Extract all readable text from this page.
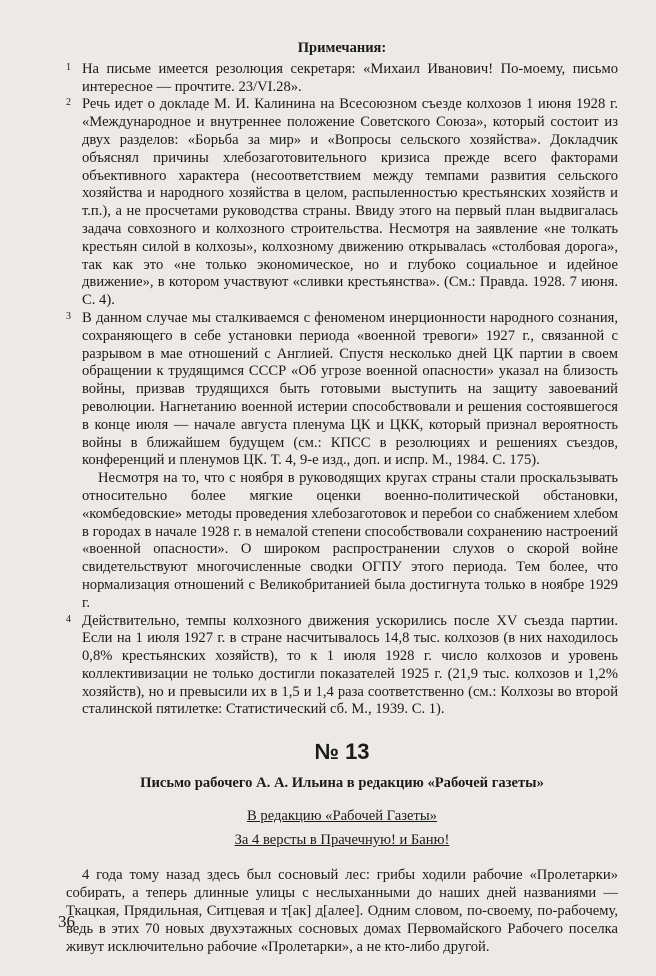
Примечания:

1 На письме имеется резолюция секретаря: «Михаил Иванович! По-моему, письмо интересное — прочтите. 23/VI.28».

2 Речь идет о докладе М. И. Калинина на Всесоюзном съезде колхозов 1 июня 1928 г. «Международное и внутреннее положение Советского Союза», который состоит из двух разделов: «Борьба за мир» и «Вопросы сельского хозяйства». Докладчик объяснял причины хлебозаготовительного кризиса прежде всего факторами объективного характера (несоответствием между темпами развития сельского хозяйства и народного хозяйства в целом, распыленностью крестьянских хозяйств и т.п.), а не просчетами руководства страны. Ввиду этого на первый план выдвигалась задача совхозного и колхозного строительства. Несмотря на заявление «не толкать крестьян силой в колхозы», колхозному движению открывалась «столбовая дорога», так как это «не только экономическое, но и глубоко социальное и идейное движение», в котором участвуют «сливки крестьянства». (См.: Правда. 1928. 7 июня. С. 4).

3 В данном случае мы сталкиваемся с феноменом инерционности народного сознания, сохраняющего в себе установки периода «военной тревоги» 1927 г., связанной с разрывом в мае отношений с Англией. Спустя несколько дней ЦК партии в своем обращении к трудящимся СССР «Об угрозе военной опасности» указал на близость войны, призвав трудящихся быть готовыми выступить на защиту завоеваний революции. Нагнетанию военной истерии способствовали и решения состоявшегося в конце июля — начале августа пленума ЦК и ЦКК, который признал вероятность войны в ближайшем будущем (см.: КПСС в резолюциях и решениях съездов, конференций и пленумов ЦК. Т. 4, 9-е изд., доп. и испр. М., 1984. С. 175).

Несмотря на то, что с ноября в руководящих кругах страны стали проскальзывать относительно более мягкие оценки военно-политической обстановки, «комбедовские» методы проведения хлебозаготовок и перебои со снабжением хлебом в городах в начале 1928 г. в немалой степени способствовали сохранению настроений «военной опасности». О широком распространении слухов о скорой войне свидетельствуют многочисленные сводки ОГПУ этого периода. Тем более, что нормализация отношений с Великобританией была достигнута только в ноябре 1929 г.

4 Действительно, темпы колхозного движения ускорились после XV съезда партии. Если на 1 июля 1927 г. в стране насчитывалось 14,8 тыс. колхозов (в них находилось 0,8% крестьянских хозяйств), то к 1 июля 1928 г. число колхозов и уровень коллективизации не только достигли показателей 1925 г. (21,9 тыс. колхозов и 1,2% хозяйств), но и превысили их в 1,5 и 1,4 раза соответственно (см.: Колхозы во второй сталинской пятилетке: Статистический сб. М., 1939. С. 1).

№ 13

Письмо рабочего А. А. Ильина в редакцию «Рабочей газеты»

В редакцию «Рабочей Газеты»

За 4 версты в Прачечную! и Баню!

4 года тому назад здесь был сосновый лес: грибы ходили рабочие «Пролетарки» собирать, а теперь длинные улицы с неслыханными до наших дней названиями — Ткацкая, Прядильная, Ситцевая и т[ак] д[алее]. Одним словом, по-своему, по-рабочему, ведь в этих 70 новых двухэтажных сосновых домах Первомайского Рабочего поселка живут исключительно рабочие «Пролетарки», а не кто-либо другой.

36
